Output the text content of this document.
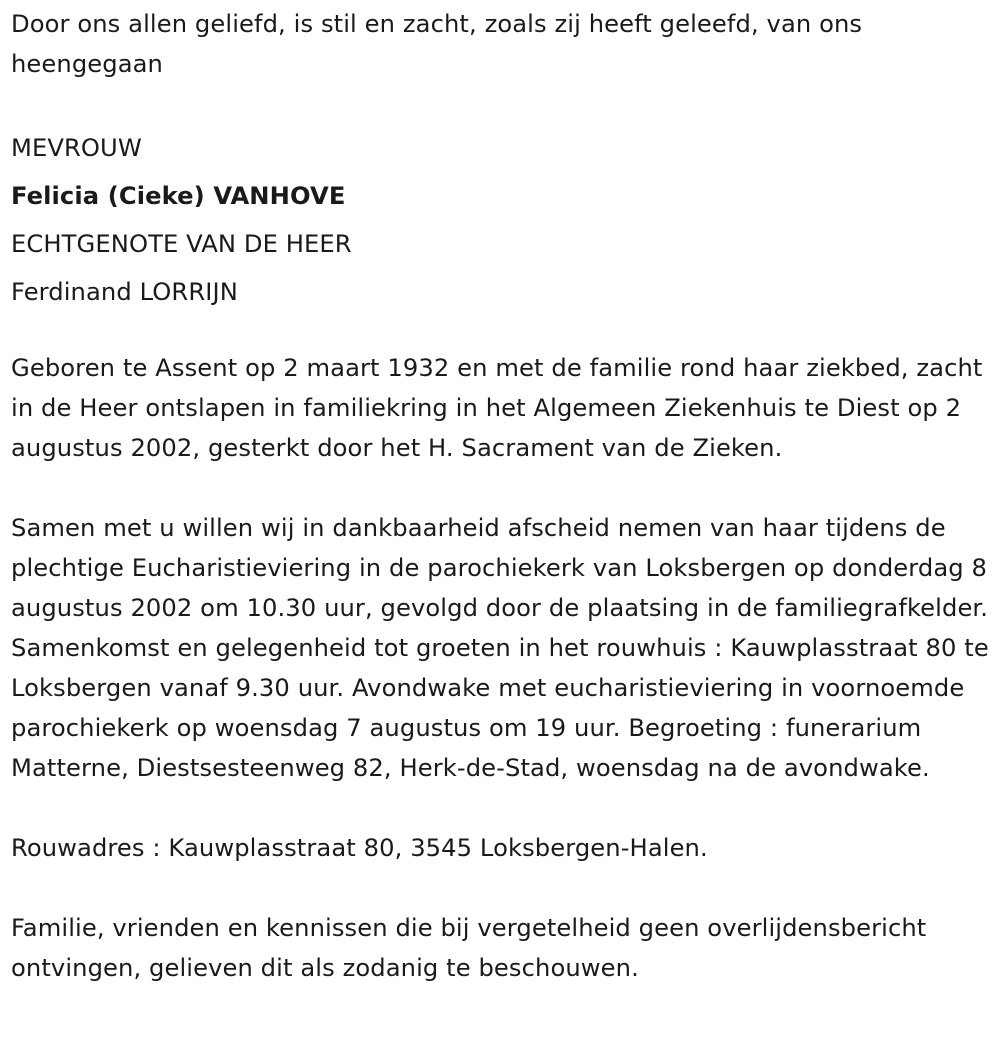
Door ons allen geliefd, is stil en zacht, zoals zij heeft geleefd, van ons heengegaan

MEVROUW

Felicia (Cieke) VANHOVE

ECHTGENOTE VAN DE HEER

Ferdinand LORRIJN

Geboren te Assent op 2 maart 1932 en met de familie rond haar ziekbed, zacht in de Heer ontslapen in familiekring in het Algemeen Ziekenhuis te Diest op 2 augustus 2002, gesterkt door het H. Sacrament van de Zieken.

Samen met u willen wij in dankbaarheid afscheid nemen van haar tijdens de plechtige Eucharistieviering in de parochiekerk van Loksbergen op donderdag 8 augustus 2002 om 10.30 uur, gevolgd door de plaatsing in de familiegrafkelder. Samenkomst en gelegenheid tot groeten in het rouwhuis : Kauwplasstraat 80 te Loksbergen vanaf 9.30 uur. Avondwake met eucharistieviering in voornoemde parochiekerk op woensdag 7 augustus om 19 uur. Begroeting : funerarium Matterne, Diestsesteenweg 82, Herk-de-Stad, woensdag na de avondwake.

Rouwadres : Kauwplasstraat 80, 3545 Loksbergen-Halen.

Familie, vrienden en kennissen die bij vergetelheid geen overlijdensbericht ontvingen, gelieven dit als zodanig te beschouwen.
